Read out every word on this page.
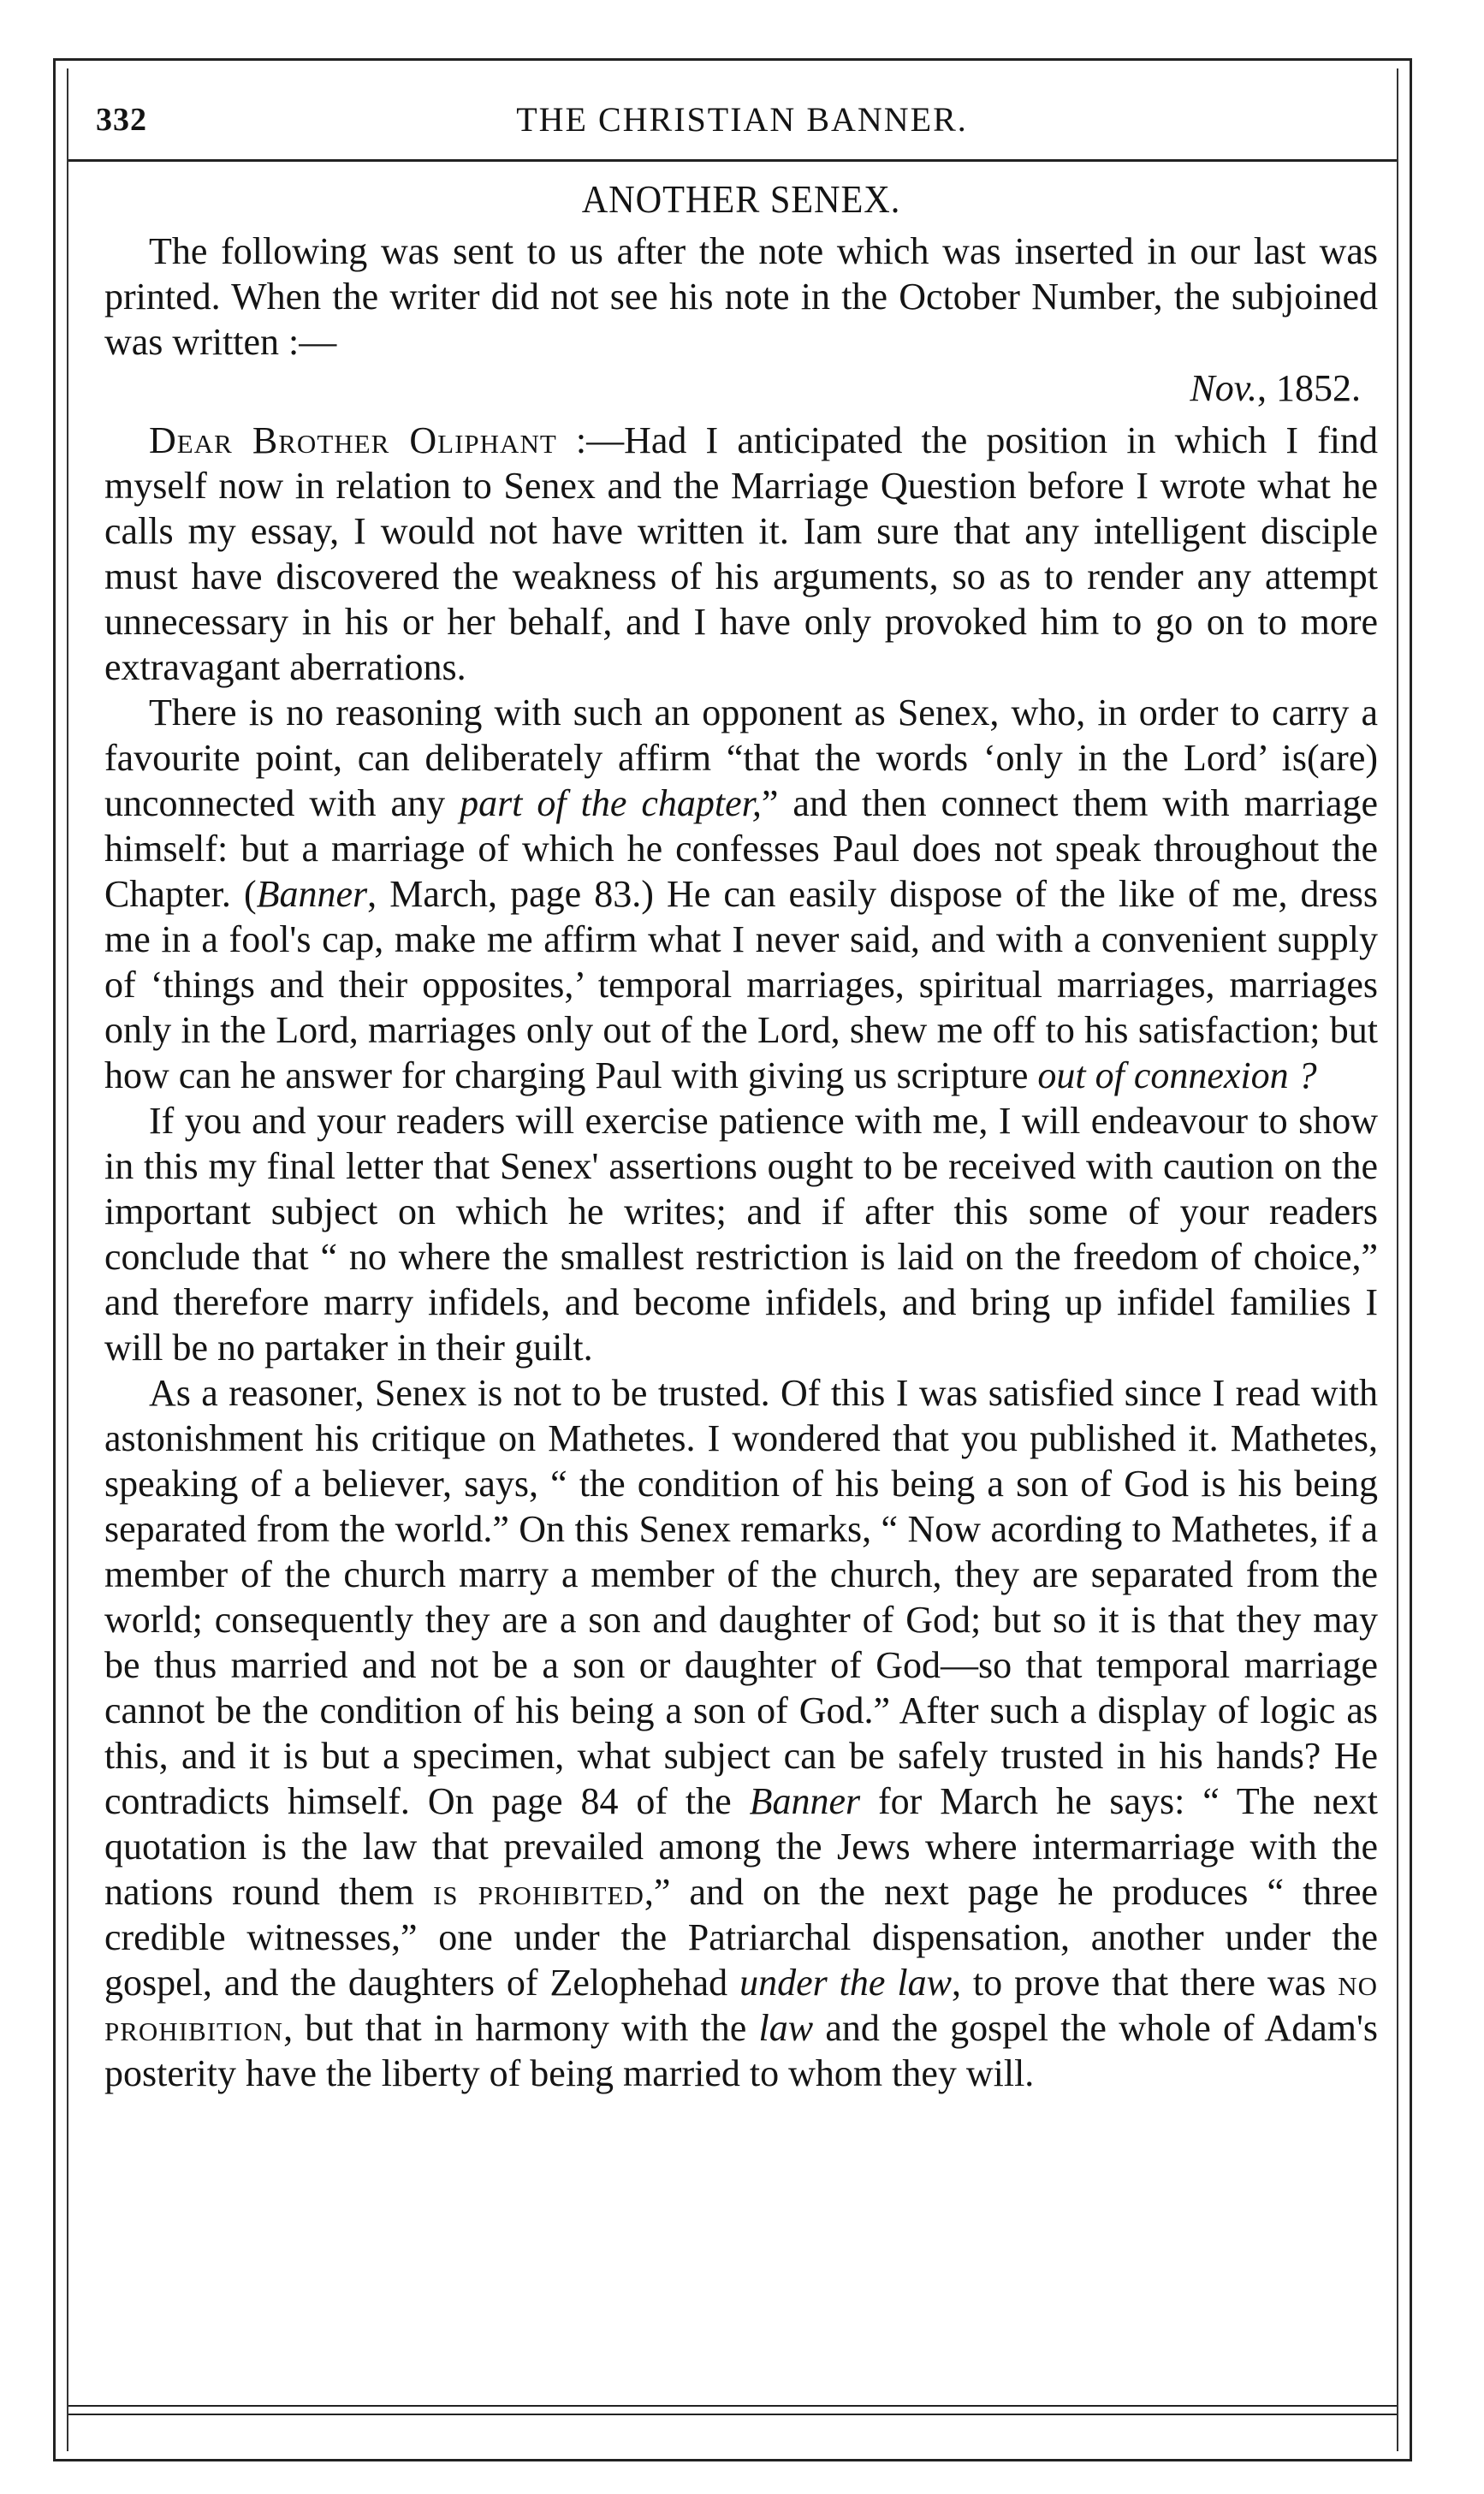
332	THE CHRISTIAN BANNER.
ANOTHER SENEX.

The following was sent to us after the note which was inserted in our last was printed. When the writer did not see his note in the October Number, the subjoined was written :—

Nov., 1852.

Dear Brother Oliphant :—Had I anticipated the position in which I find myself now in relation to Senex and the Marriage Question before I wrote what he calls my essay, I would not have written it. Iam sure that any intelligent disciple must have discovered the weakness of his arguments, so as to render any attempt unnecessary in his or her behalf, and I have only provoked him to go on to more extravagant aberrations.

There is no reasoning with such an opponent as Senex, who, in order to carry a favourite point, can deliberately affirm “that the words ‘only in the Lord’ is(are) unconnected with any part of the chapter,” and then connect them with marriage himself: but a marriage of which he confesses Paul does not speak throughout the Chapter. (Banner, March, page 83.) He can easily dispose of the like of me, dress me in a fool's cap, make me affirm what I never said, and with a convenient supply of ‘things and their opposites,’ temporal marriages, spiritual marriages, marriages only in the Lord, marriages only out of the Lord, shew me off to his satisfaction; but how can he answer for charging Paul with giving us scripture out of connexion ?

If you and your readers will exercise patience with me, I will endeavour to show in this my final letter that Senex' assertions ought to be received with caution on the important subject on which he writes; and if after this some of your readers conclude that “ no where the smallest restriction is laid on the freedom of choice,” and therefore marry infidels, and become infidels, and bring up infidel families I will be no partaker in their guilt.

As a reasoner, Senex is not to be trusted. Of this I was satisfied since I read with astonishment his critique on Mathetes. I wondered that you published it. Mathetes, speaking of a believer, says, “ the condition of his being a son of God is his being separated from the world.” On this Senex remarks, “ Now acording to Mathetes, if a member of the church marry a member of the church, they are separated from the world; consequently they are a son and daughter of God; but so it is that they may be thus married and not be a son or daughter of God—so that temporal marriage cannot be the condition of his being a son of God.” After such a display of logic as this, and it is but a specimen, what subject can be safely trusted in his hands? He contradicts himself. On page 84 of the Banner for March he says: “ The next quotation is the law that prevailed among the Jews where intermarriage with the nations round them is prohibited,” and on the next page he produces “ three credible witnesses,” one under the Patriarchal dispensation, another under the gospel, and the daughters of Zelophehad under the law, to prove that there was no prohibition, but that in harmony with the law and the gospel the whole of Adam's posterity have the liberty of being married to whom they will.
